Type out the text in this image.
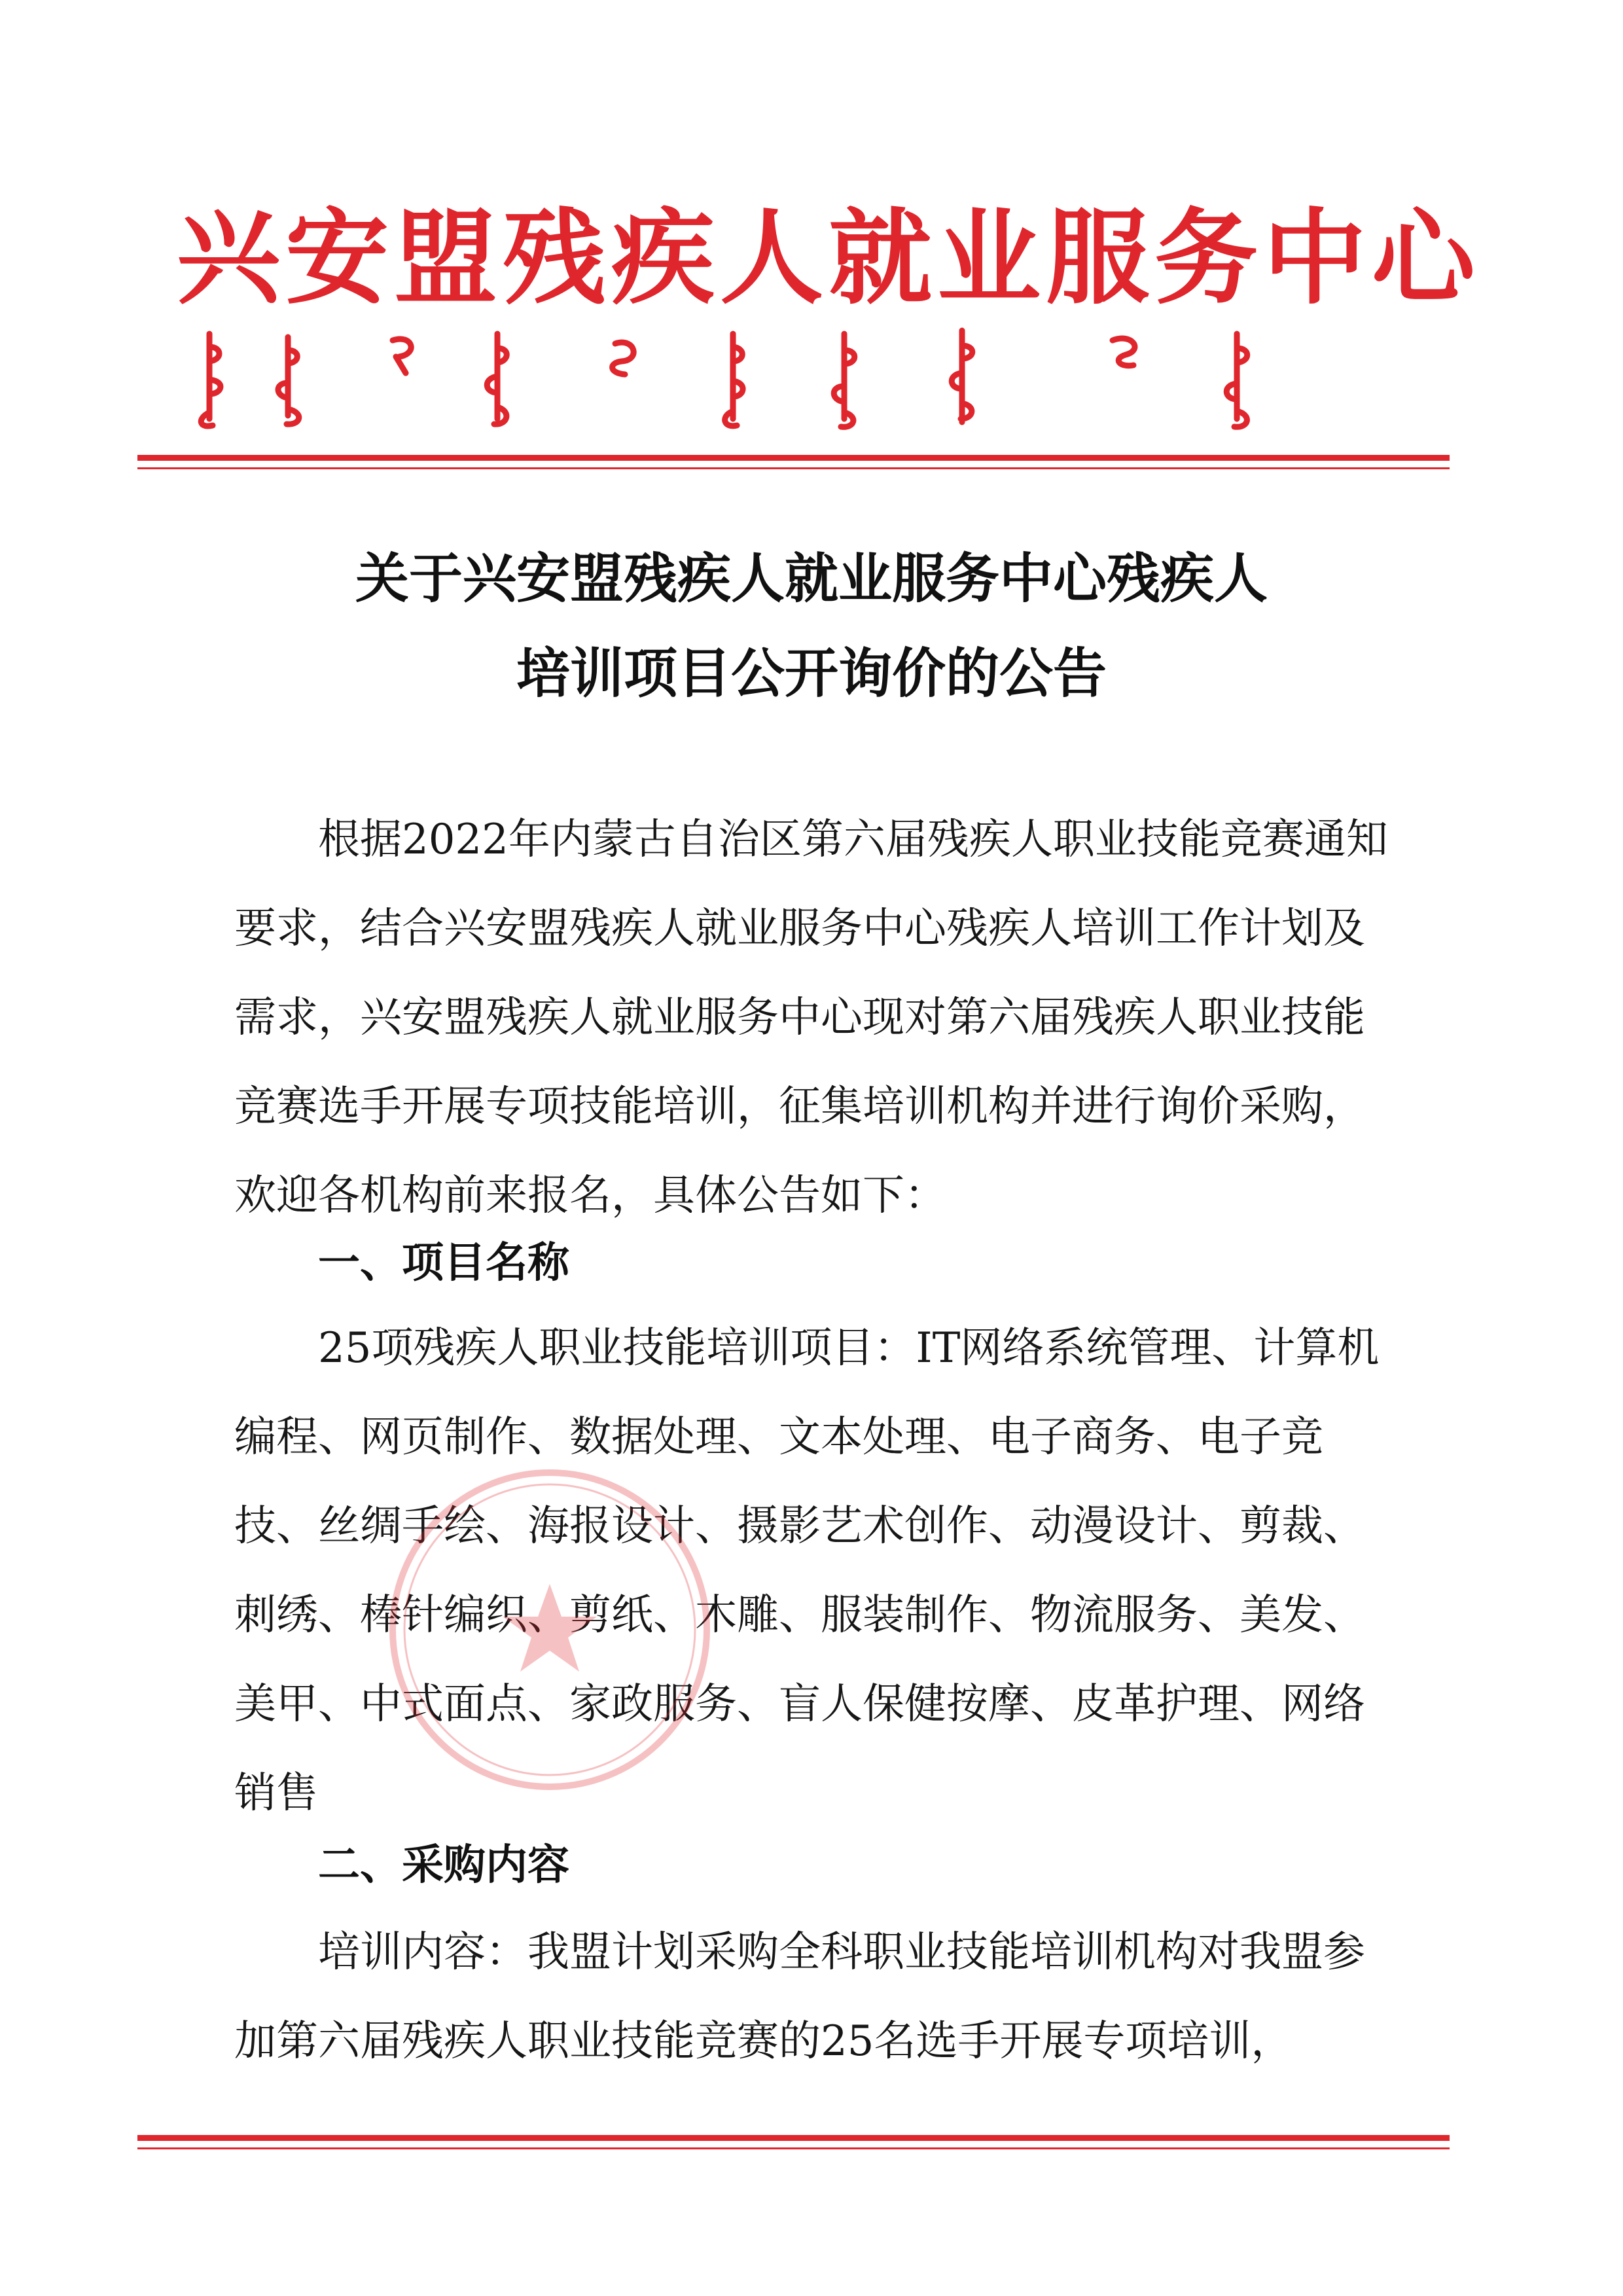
兴安盟残疾人就业服务中心
关于兴安盟残疾人就业服务中心残疾人
培训项目公开询价的公告
根据2022年内蒙古自治区第六届残疾人职业技能竞赛通知要求，结合兴安盟残疾人就业服务中心残疾人培训工作计划及需求，兴安盟残疾人就业服务中心现对第六届残疾人职业技能竞赛选手开展专项技能培训，征集培训机构并进行询价采购，欢迎各机构前来报名，具体公告如下：
一、项目名称
25项残疾人职业技能培训项目：IT网络系统管理、计算机编程、网页制作、数据处理、文本处理、电子商务、电子竞技、丝绸手绘、海报设计、摄影艺术创作、动漫设计、剪裁、刺绣、棒针编织、剪纸、木雕、服装制作、物流服务、美发、美甲、中式面点、家政服务、盲人保健按摩、皮革护理、网络销售
二、采购内容
培训内容：我盟计划采购全科职业技能培训机构对我盟参加第六届残疾人职业技能竞赛的25名选手开展专项培训，
